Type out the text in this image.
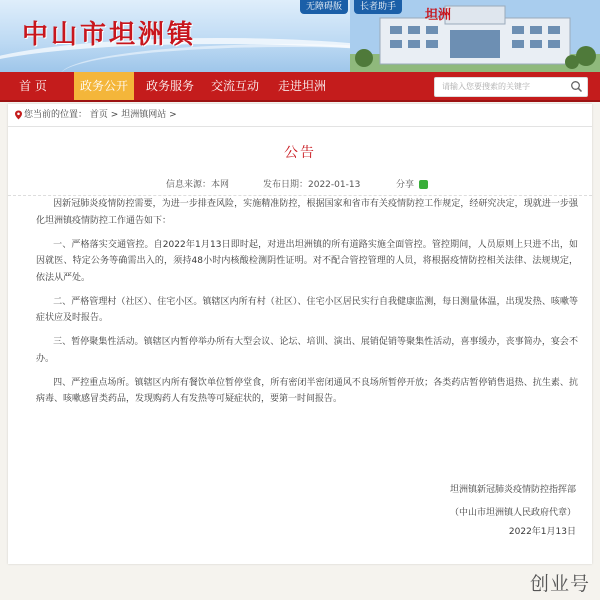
坦洲
中山市坦洲镇
无障碍版	长者助手
首 页	政务公开	政务服务	交流互动	走进坦洲	请输入您要搜索的关键字
您当前的位置： 首页 > 坦洲镇网站 >
公告
信息来源：本网	发布日期：2022-01-13	分享

因新冠肺炎疫情防控需要，为进一步排查风险，实施精准防控，根据国家和省市有关疫情防控工作规定，经研究决定，现就进一步强化坦洲镇疫情防控工作通告如下：

一、严格落实交通管控。自2022年1月13日即时起，对进出坦洲镇的所有道路实施全面管控。管控期间，人员原则上只进不出，如因就医、特定公务等确需出入的，须持48小时内核酸检测阴性证明。对不配合管控管理的人员，将根据疫情防控相关法律、法规规定，依法从严处。

二、严格管理村（社区）、住宅小区。镇辖区内所有村（社区）、住宅小区居民实行自我健康监测，每日测量体温，出现发热、咳嗽等症状应及时报告。

三、暂停聚集性活动。镇辖区内暂停举办所有大型会议、论坛、培训、演出、展销促销等聚集性活动，喜事缓办，丧事简办，宴会不办。

四、严控重点场所。镇辖区内所有餐饮单位暂停堂食，所有密闭半密闭通风不良场所暂停开放；各类药店暂停销售退热、抗生素、抗病毒、咳嗽感冒类药品，发现购药人有发热等可疑症状的，要第一时间报告。

坦洲镇新冠肺炎疫情防控指挥部
（中山市坦洲镇人民政府代章）
2022年1月13日
创业号
